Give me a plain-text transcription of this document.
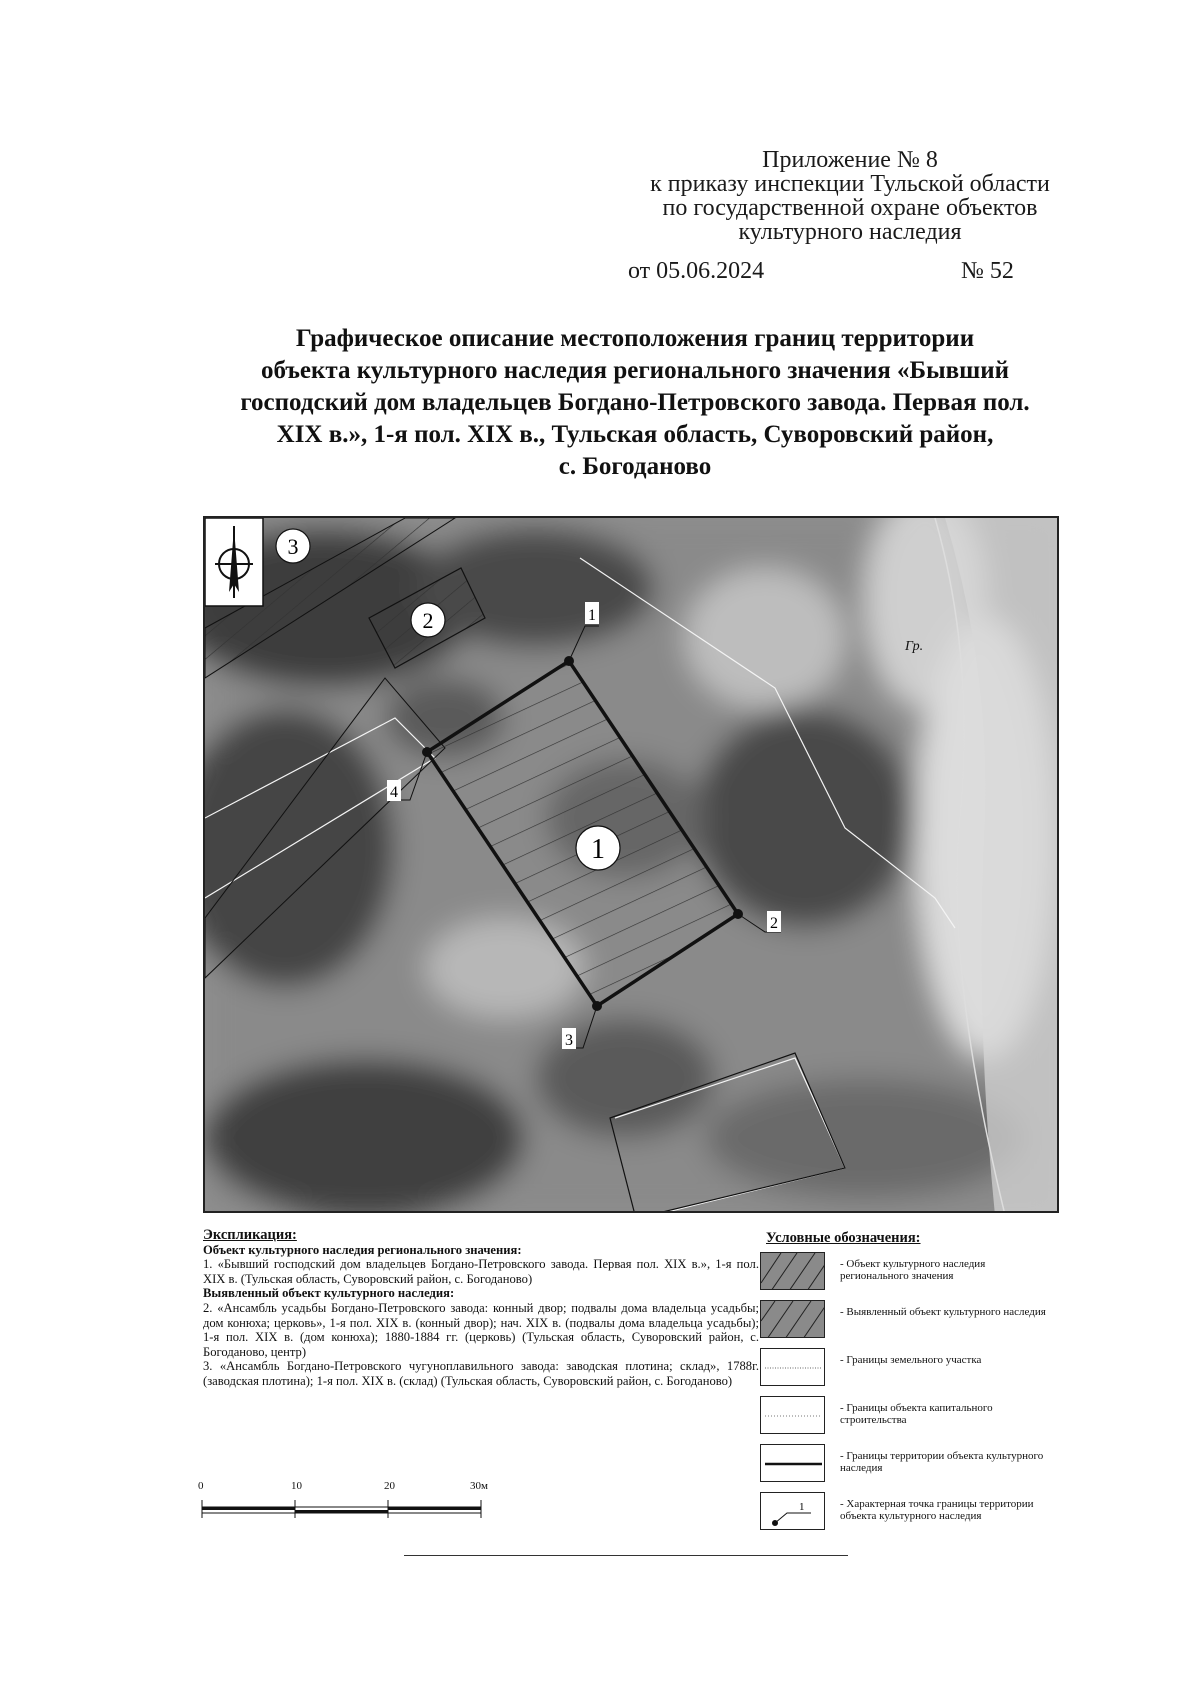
Приложение № 8
к приказу инспекции Тульской области
по государственной охране объектов
культурного наследия
от 05.06.2024	№ 52
Графическое описание местоположения границ территории
объекта культурного наследия регионального значения «Бывший
господский дом владельцев Богдано-Петровского завода. Первая пол.
XIX в.», 1-я пол. XIX в., Тульская область, Суворовский район,
с. Богоданово
Гр.
3
2	1
2
3
4
1
Экспликация:
Объект культурного наследия регионального значения:
1. «Бывший господский дом владельцев Богдано-Петровского завода. Первая пол. XIX в.», 1-я пол. XIX в. (Тульская область, Суворовский район, с. Богоданово)
Выявленный объект культурного наследия:
2. «Ансамбль усадьбы Богдано-Петровского завода: конный двор; подвалы дома владельца усадьбы; дом конюха; церковь», 1-я пол. XIX в. (конный двор); нач. XIX в. (подвалы дома владельца усадьбы); 1-я пол. XIX в. (дом конюха); 1880-1884 гг. (церковь) (Тульская область, Суворовский район, с. Богоданово, центр)
3. «Ансамбль Богдано-Петровского чугуноплавильного завода: заводская плотина; склад», 1788г. (заводская плотина); 1-я пол. XIX в. (склад) (Тульская область, Суворовский район, с. Богоданово)
0	10	20	30м
Условные обозначения:
- Объект культурного наследия регионального значения
- Выявленный объект культурного наследия
- Границы земельного участка
- Границы объекта капитального строительства
- Границы территории объекта культурного наследия
1	- Характерная точка границы территории объекта культурного наследия
